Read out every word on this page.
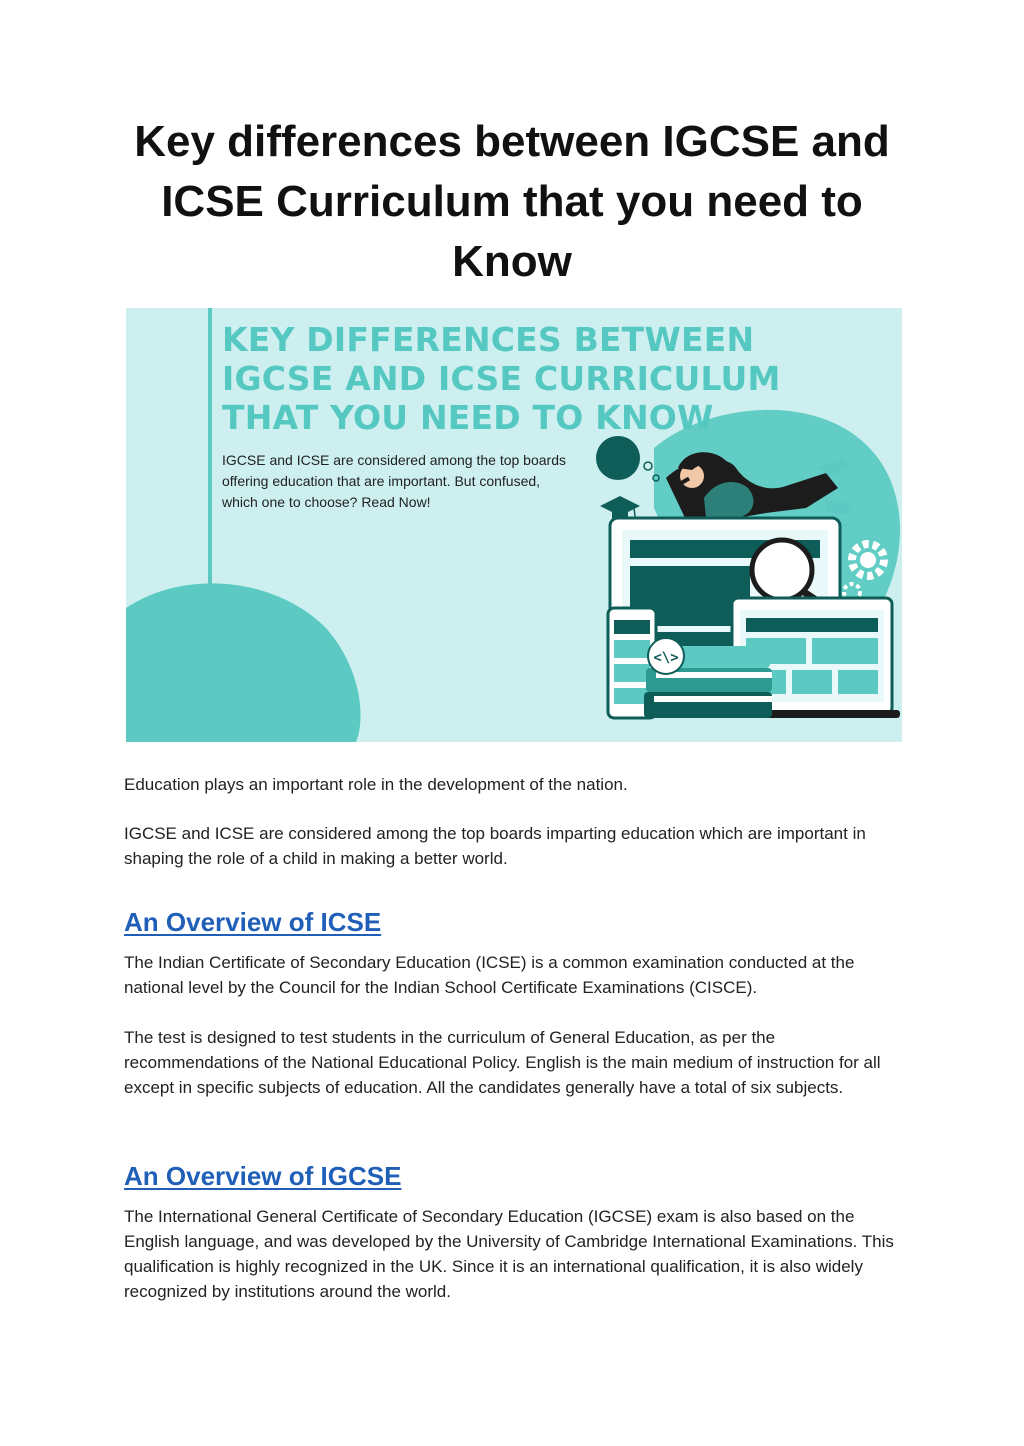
Key differences between IGCSE and ICSE Curriculum that you need to Know
<\>
KEY DIFFERENCES BETWEEN
IGCSE AND ICSE CURRICULUM
THAT YOU NEED TO KNOW

IGCSE and ICSE are considered among the top boards offering education that are important. But confused, which one to choose? Read Now!

Education plays an important role in the development of the nation.

IGCSE and ICSE are considered among the top boards imparting education which are important in shaping the role of a child in making a better world.

An Overview of ICSE

The Indian Certificate of Secondary Education (ICSE) is a common examination conducted at the national level by the Council for the Indian School Certificate Examinations (CISCE).

The test is designed to test students in the curriculum of General Education, as per the recommendations of the National Educational Policy. English is the main medium of instruction for all except in specific subjects of education. All the candidates generally have a total of six subjects.

An Overview of IGCSE

The International General Certificate of Secondary Education (IGCSE) exam is also based on the English language, and was developed by the University of Cambridge International Examinations. This qualification is highly recognized in the UK. Since it is an international qualification, it is also widely recognized by institutions around the world.
